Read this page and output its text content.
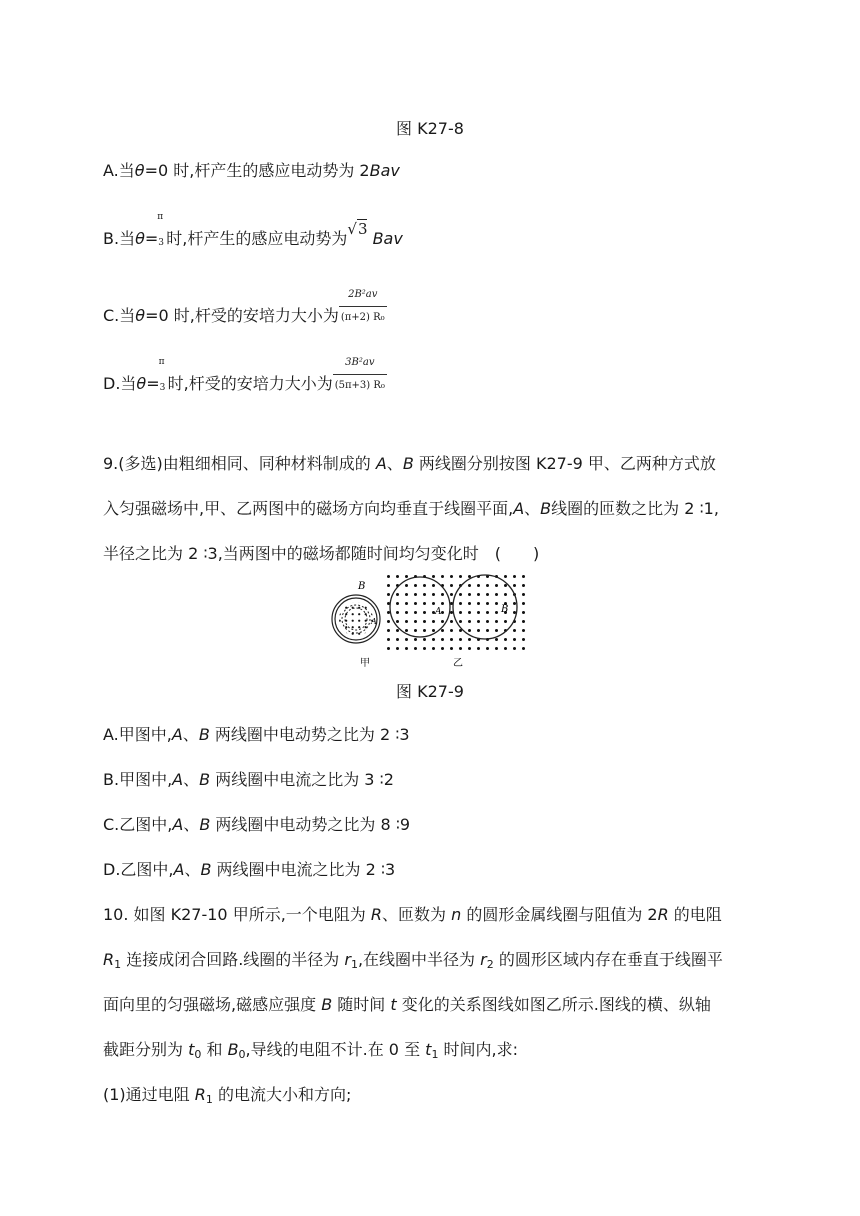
图 K27-8
A.当θ=0 时,杆产生的感应电动势为 2Bav
B.当θ=
π
3 时,杆产生的感应电动势为√3 Bav
C.当θ=0 时,杆受的安培力大小为 $\frac{\text{2B²av}}{\text{(π+2) R₀}}$
D.当θ=
π
3 时,杆受的安培力大小为 $\frac{\text{3B²av}}{\text{(5π+3) R₀}}$
9.(多选)由粗细相同、同种材料制成的 A、B 两线圈分别按图 K27-9 甲、乙两种方式放
入匀强磁场中,甲、乙两图中的磁场方向均垂直于线圈平面,A、B线圈的匝数之比为 2 ∶1,
半径之比为 2 ∶3,当两图中的磁场都随时间均匀变化时　(　　)
B
A
甲
A	B
乙
图 K27-9
A.甲图中,A、B 两线圈中电动势之比为 2 ∶3
B.甲图中,A、B 两线圈中电流之比为 3 ∶2
C.乙图中,A、B 两线圈中电动势之比为 8 ∶9
D.乙图中,A、B 两线圈中电流之比为 2 ∶3
10. 如图 K27-10 甲所示,一个电阻为 R、匝数为 n 的圆形金属线圈与阻值为 2R 的电阻
$R_1$ 连接成闭合回路.线圈的半径为 $r_1$,在线圈中半径为 $r_2$ 的圆形区域内存在垂直于线圈平
面向里的匀强磁场,磁感应强度 B 随时间 t 变化的关系图线如图乙所示.图线的横、纵轴
截距分别为 $t_0$ 和 $B_0$,导线的电阻不计.在 0 至 $t_1$ 时间内,求:
(1)通过电阻 $R_1$ 的电流大小和方向;
